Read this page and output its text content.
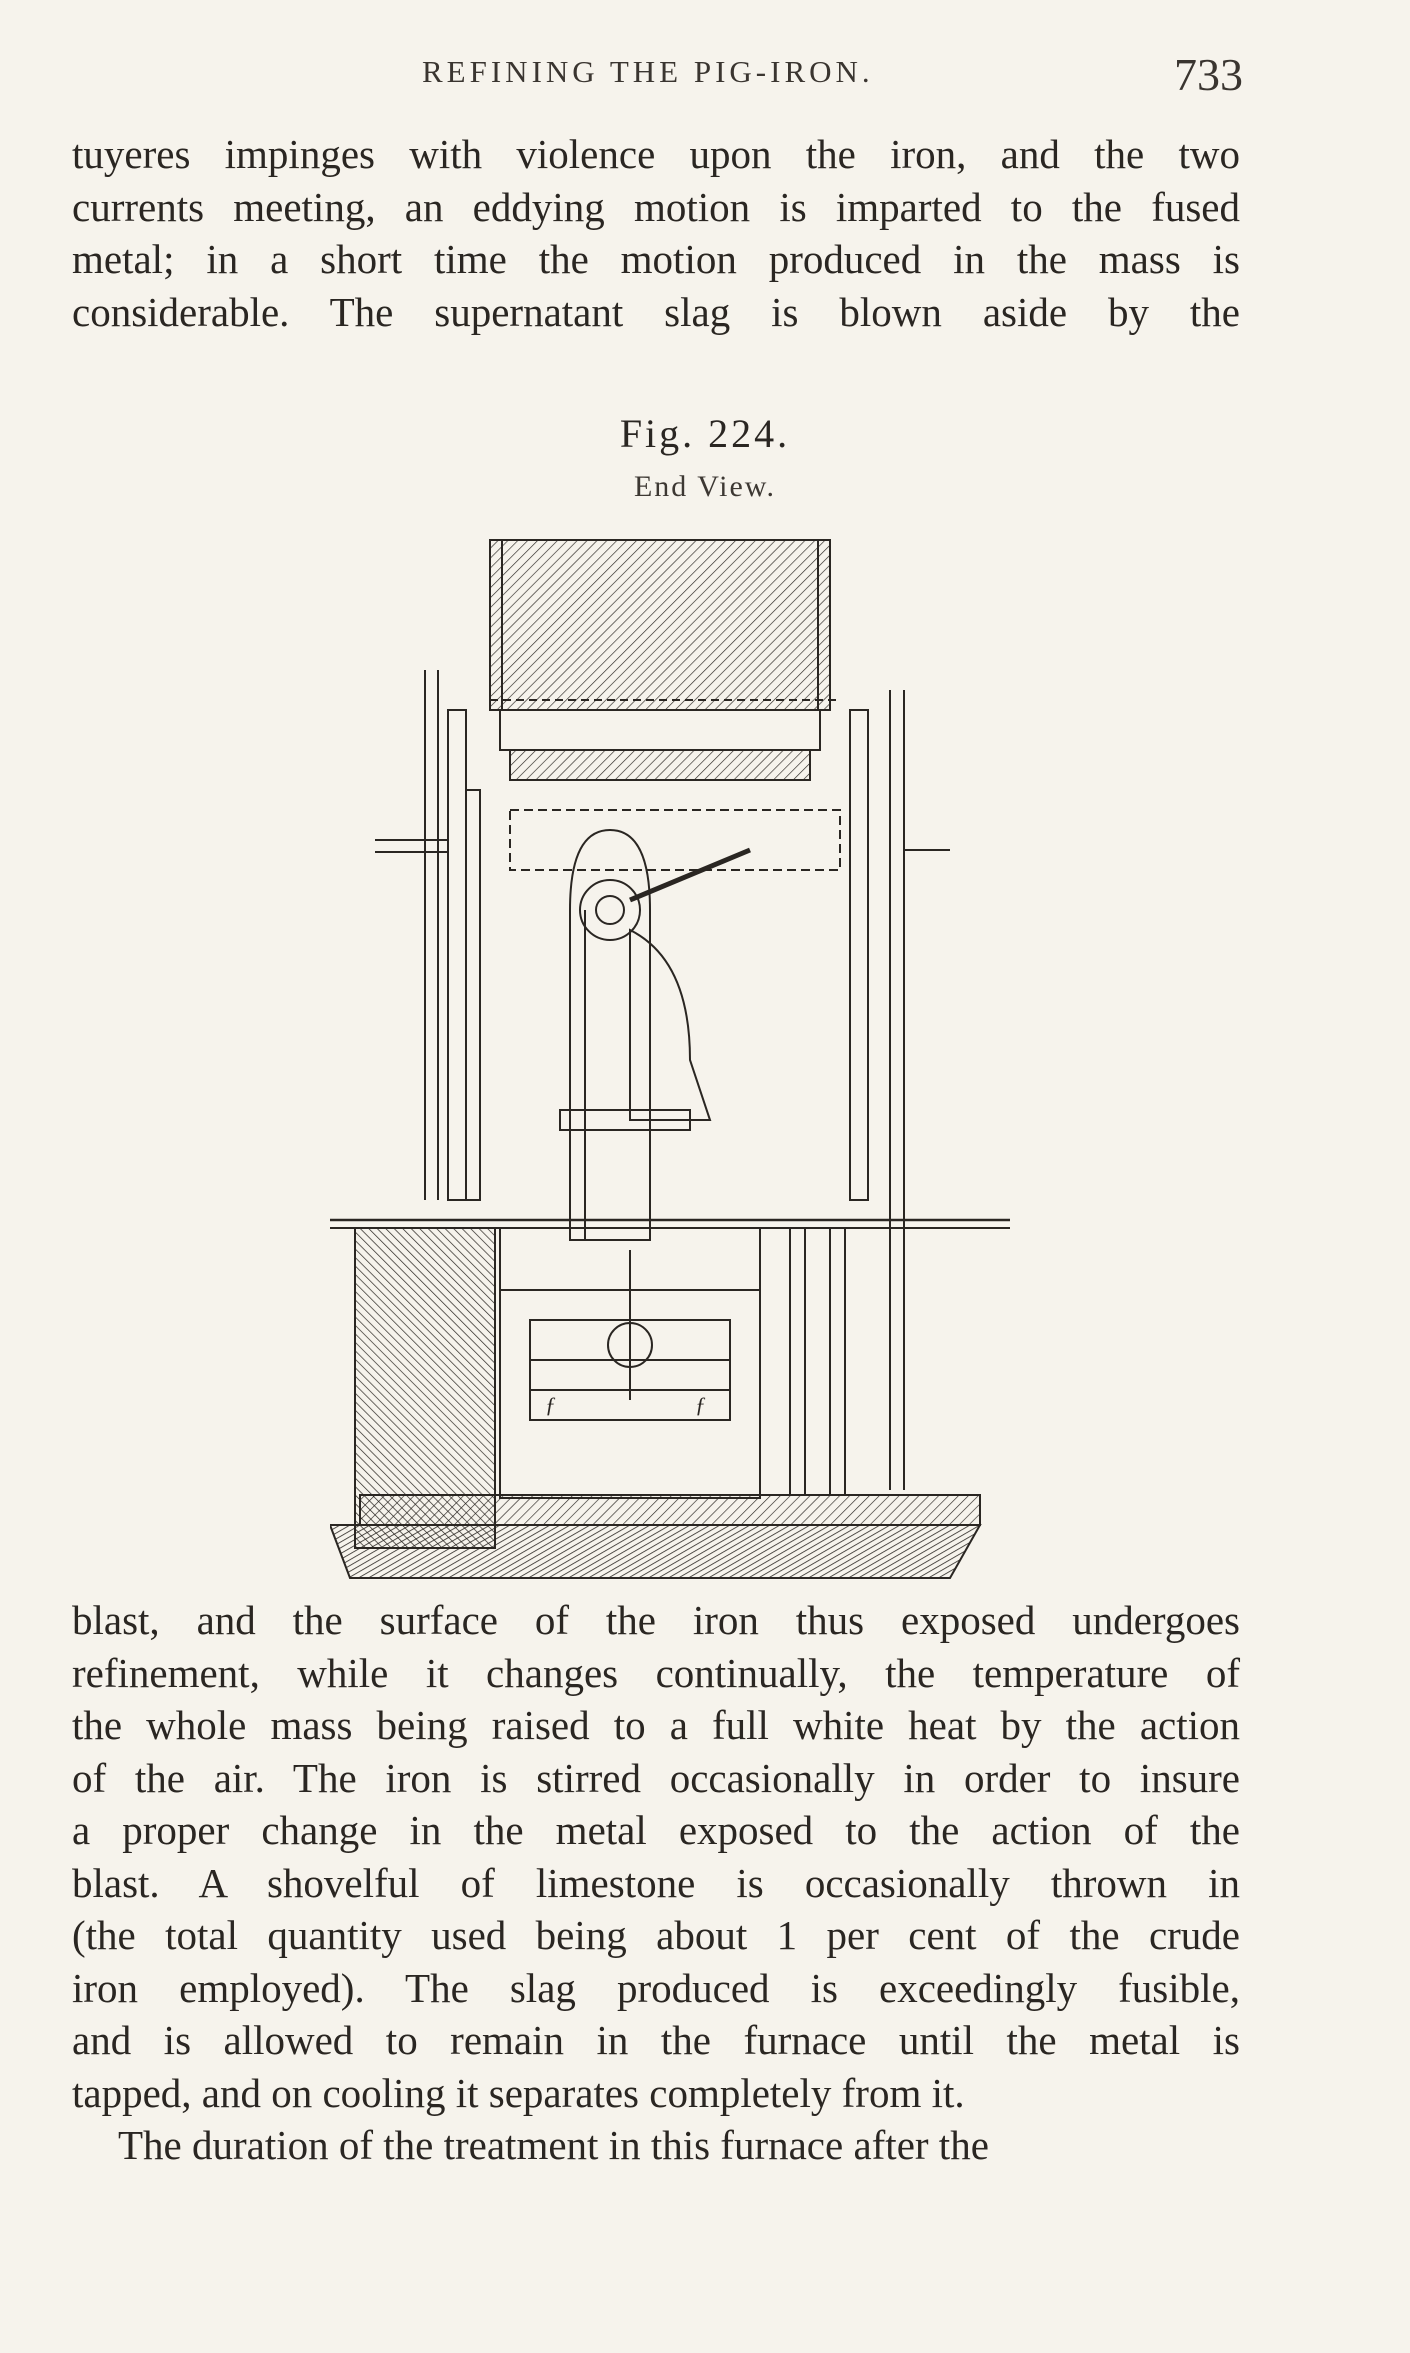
REFINING THE PIG-IRON.	733
tuyeres impinges with violence upon the iron, and the two
currents meeting, an eddying motion is imparted to the fused
metal; in a short time the motion produced in the mass is
considerable. The supernatant slag is blown aside by the
Fig. 224.
End View.
ƒ	ƒ
blast, and the surface of the iron thus exposed undergoes
refinement, while it changes continually, the temperature of
the whole mass being raised to a full white heat by the action
of the air. The iron is stirred occasionally in order to insure
a proper change in the metal exposed to the action of the
blast. A shovelful of limestone is occasionally thrown in
(the total quantity used being about 1 per cent of the crude
iron employed). The slag produced is exceedingly fusible,
and is allowed to remain in the furnace until the metal is
tapped, and on cooling it separates completely from it.
The duration of the treatment in this furnace after the
